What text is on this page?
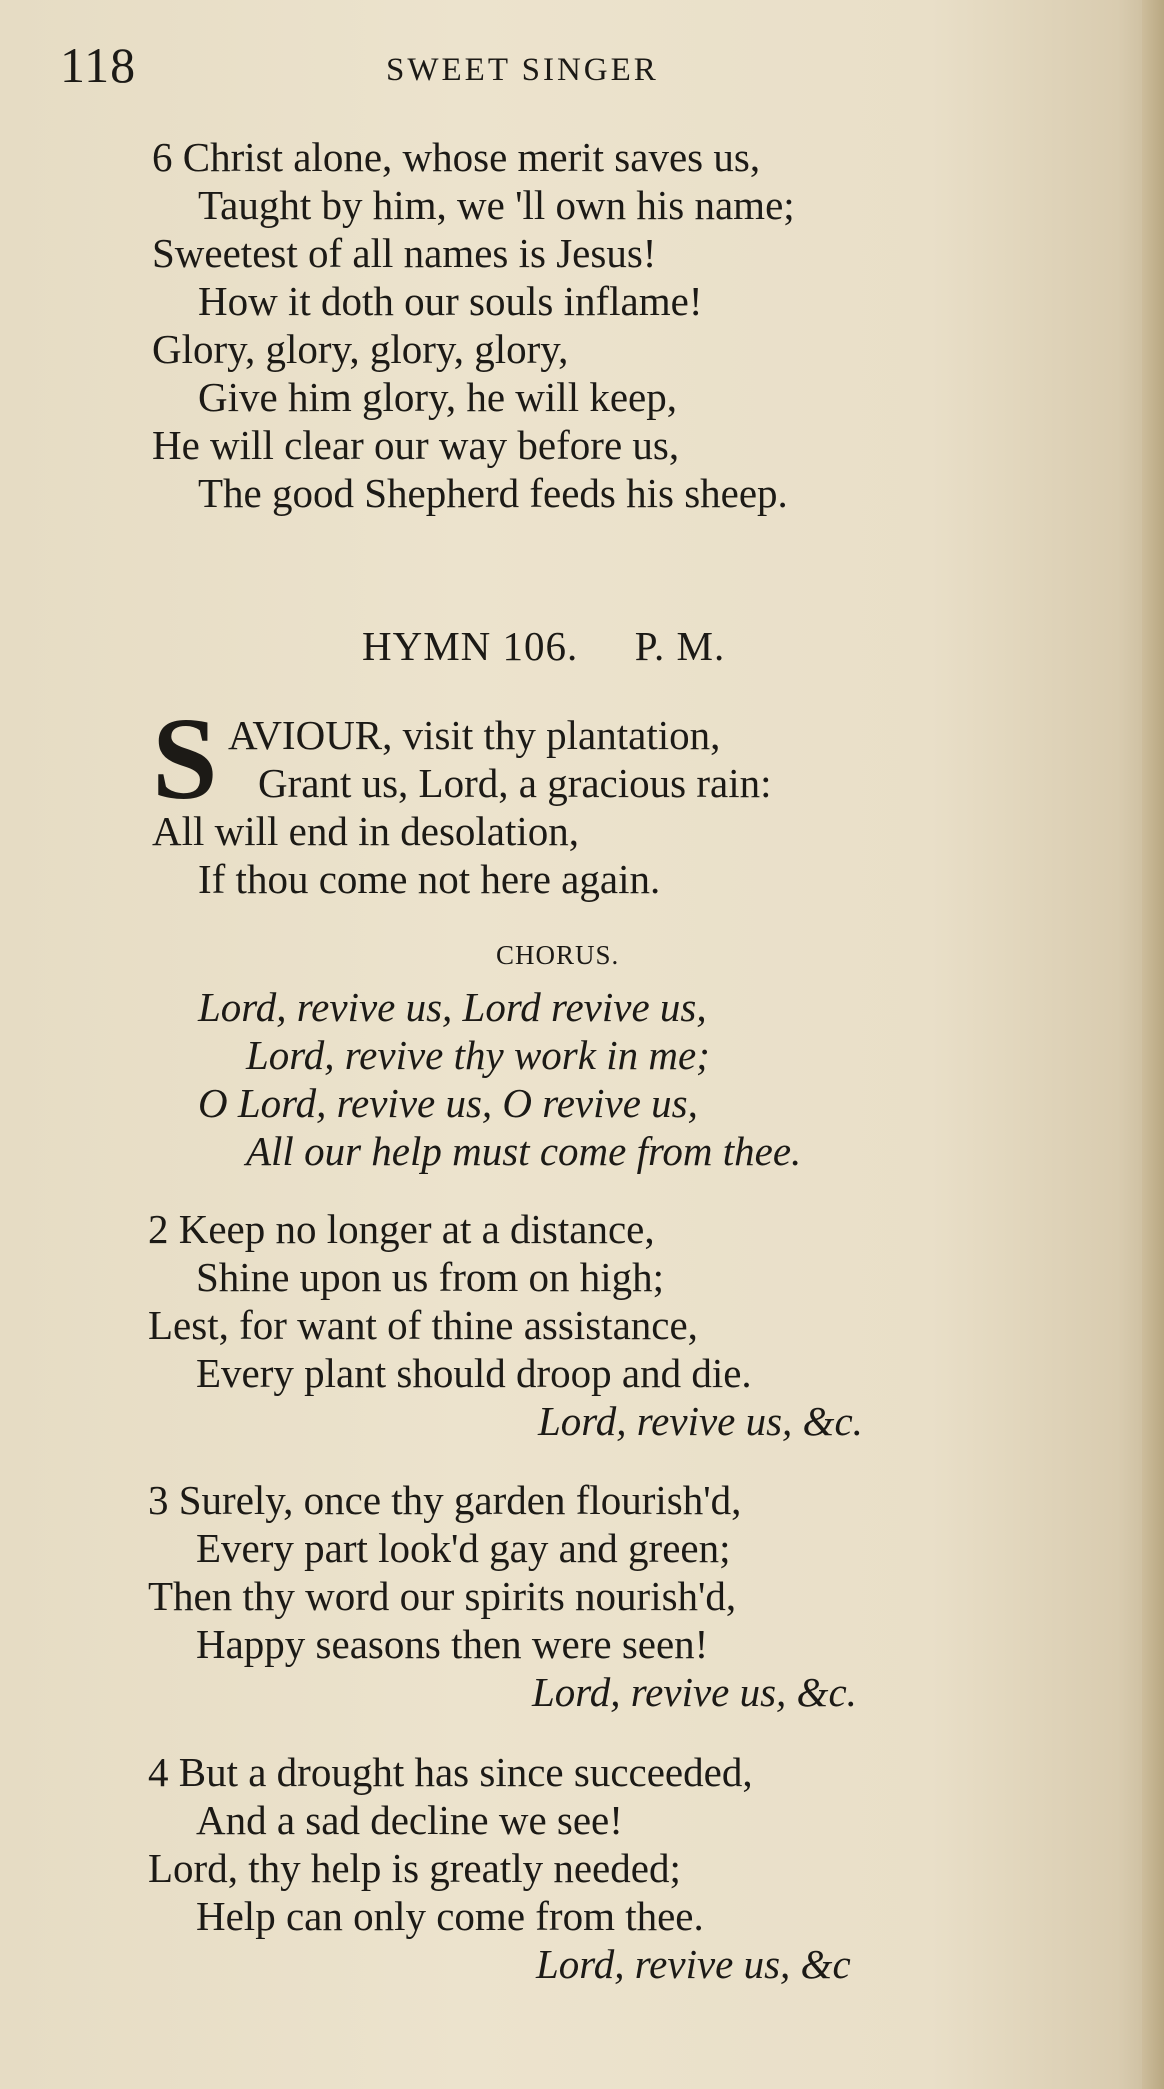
118	SWEET SINGER
6 Christ alone, whose merit saves us,
Taught by him, we 'll own his name;
Sweetest of all names is Jesus!
How it doth our souls inflame!
Glory, glory, glory, glory,
Give him glory, he will keep,
He will clear our way before us,
The good Shepherd feeds his sheep.
HYMN 106. P. M.
S AVIOUR, visit thy plantation,
Grant us, Lord, a gracious rain:
All will end in desolation,
If thou come not here again.
CHORUS.
Lord, revive us, Lord revive us,
Lord, revive thy work in me;
O Lord, revive us, O revive us,
All our help must come from thee.
2 Keep no longer at a distance,
Shine upon us from on high;
Lest, for want of thine assistance,
Every plant should droop and die.
Lord, revive us, &c.
3 Surely, once thy garden flourish'd,
Every part look'd gay and green;
Then thy word our spirits nourish'd,
Happy seasons then were seen!
Lord, revive us, &c.
4 But a drought has since succeeded,
And a sad decline we see!
Lord, thy help is greatly needed;
Help can only come from thee.
Lord, revive us, &c
